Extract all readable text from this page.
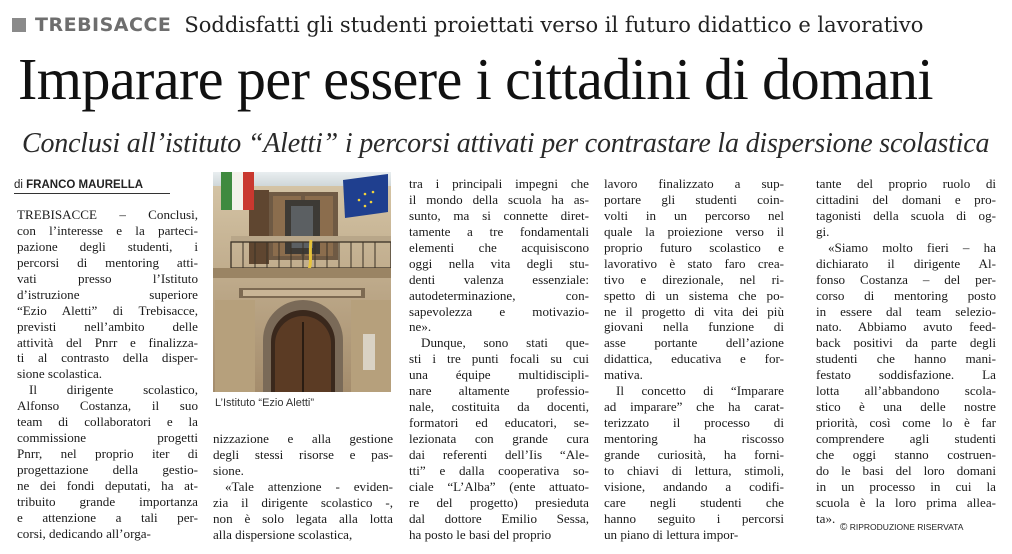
TREBISACCE Soddisfatti gli studenti proiettati verso il futuro didattico e lavorativo
Imparare per essere i cittadini di domani
Conclusi all’istituto “Aletti” i percorsi attivati per contrastare la dispersione scolastica
di FRANCO MAURELLA
TREBISACCE – Conclusi,
con l’interesse e la parteci-
pazione degli studenti, i
percorsi di mentoring atti-
vati presso l’Istituto
d’istruzione superiore
“Ezio Aletti” di Trebisacce,
previsti nell’ambito delle
attività del Pnrr e finalizza-
ti al contrasto della disper-
sione scolastica.
Il dirigente scolastico,
Alfonso Costanza, il suo
team di collaboratori e la
commissione progetti
Pnrr, nel proprio iter di
progettazione della gestio-
ne dei fondi deputati, ha at-
tribuito grande importanza
e attenzione a tali per-
corsi, dedicando all’orga-
L’Istituto “Ezio Aletti”
nizzazione e alla gestione
degli stessi risorse e pas-
sione.
«Tale attenzione - eviden-
zia il dirigente scolastico -,
non è solo legata alla lotta
alla dispersione scolastica,
tra i principali impegni che
il mondo della scuola ha as-
sunto, ma si connette diret-
tamente a tre fondamentali
elementi che acquisiscono
oggi nella vita degli stu-
denti valenza essenziale:
autodeterminazione, con-
sapevolezza e motivazio-
ne».
Dunque, sono stati que-
sti i tre punti focali su cui
una équipe multidiscipli-
nare altamente professio-
nale, costituita da docenti,
formatori ed educatori, se-
lezionata con grande cura
dai referenti dell’Iis “Ale-
tti” e dalla cooperativa so-
ciale “L’Alba” (ente attuato-
re del progetto) presieduta
dal dottore Emilio Sessa,
ha posto le basi del proprio
lavoro finalizzato a sup-
portare gli studenti coin-
volti in un percorso nel
quale la proiezione verso il
proprio futuro scolastico e
lavorativo è stato faro crea-
tivo e direzionale, nel ri-
spetto di un sistema che po-
ne il progetto di vita dei più
giovani nella funzione di
asse portante dell’azione
didattica, educativa e for-
mativa.
Il concetto di “Imparare
ad imparare” che ha carat-
terizzato il processo di
mentoring ha riscosso
grande curiosità, ha forni-
to chiavi di lettura, stimoli,
visione, andando a codifi-
care negli studenti che
hanno seguito i percorsi
un piano di lettura impor-
tante del proprio ruolo di
cittadini del domani e pro-
tagonisti della scuola di og-
gi.
«Siamo molto fieri – ha
dichiarato il dirigente Al-
fonso Costanza – del per-
corso di mentoring posto
in essere dal team selezio-
nato. Abbiamo avuto feed-
back positivi da parte degli
studenti che hanno mani-
festato soddisfazione. La
lotta all’abbandono scola-
stico è una delle nostre
priorità, così come lo è far
comprendere agli studenti
che oggi stanno costruen-
do le basi del loro domani
in un processo in cui la
scuola è la loro prima allea-
ta».
© RIPRODUZIONE RISERVATA
